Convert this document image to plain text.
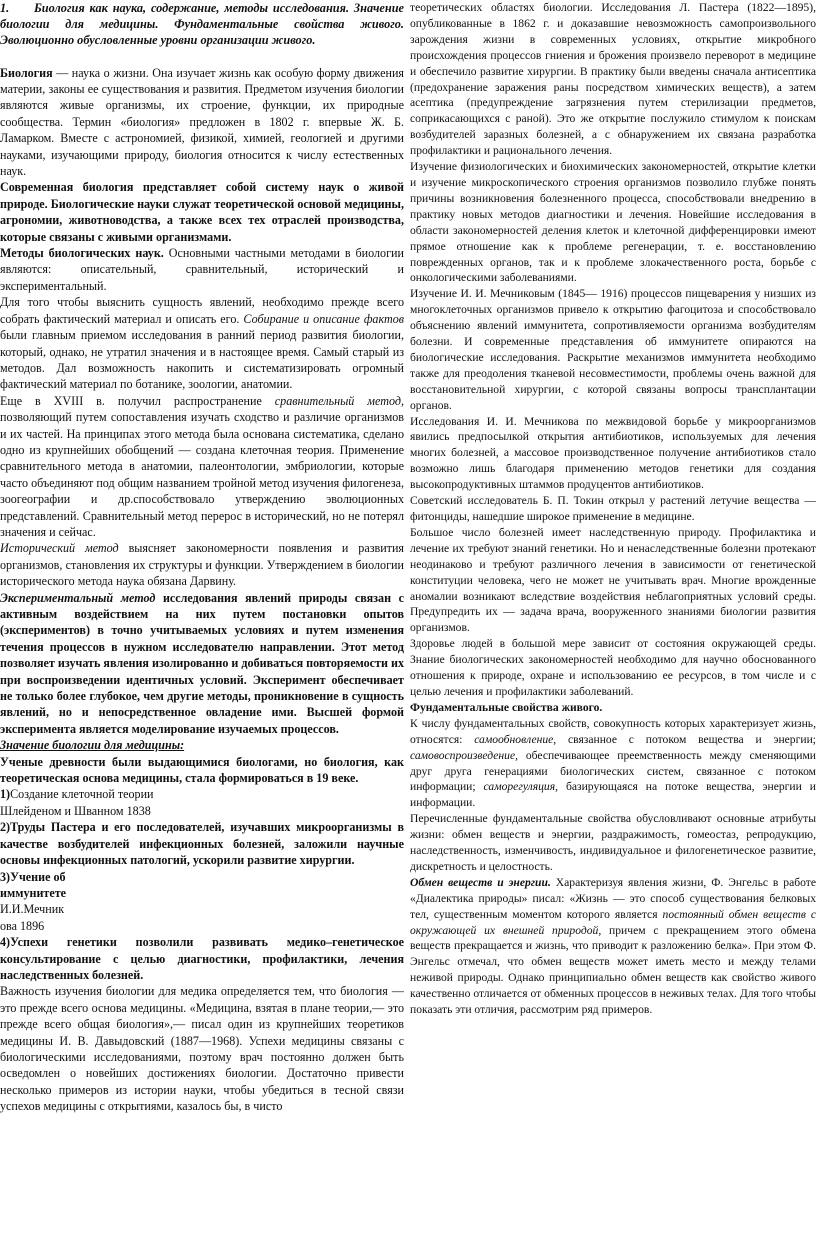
1. Биология как наука, содержание, методы исследования. Значение биологии для медицины. Фундаментальные свойства живого. Эволюционно обусловленные уровни организации живого.

Биология — наука о жизни. Она изучает жизнь как особую форму движения материи, законы ее существования и развития. Предметом изучения биологии являются живые организмы, их строение, функции, их природные сообщества. Термин «биология» предложен в 1802 г. впервые Ж. Б. Ламарком. Вместе с астрономией, физикой, химией, геологией и другими науками, изучающими природу, биология относится к числу естественных наук.

Современная биология представляет собой систему наук о живой природе. Биологические науки служат теоретической основой медицины, агрономии, животноводства, а также всех тех отраслей производства, которые связаны с живыми организмами.

Методы биологических наук. Основными частными методами в биологии являются: описательный, сравнительный, исторический и экспериментальный.

Для того чтобы выяснить сущность явлений, необходимо прежде всего собрать фактический материал и описать его. Собирание и описание фактов были главным приемом исследования в ранний период развития биологии, который, однако, не утратил значения и в настоящее время. Самый старый из методов. Дал возможность накопить и систематизировать огромный фактический материал по ботанике, зоологии, анатомии.

Еще в XVIII в. получил распространение сравнительный метод, позволяющий путем сопоставления изучать сходство и различие организмов и их частей. На принципах этого метода была основана систематика, сделано одно из крупнейших обобщений — создана клеточная теория. Применение сравнительного метода в анатомии, палеонтологии, эмбриологии, которые часто объединяют под общим названием тройной метод изучения филогенеза, зоогеографии и др.способствовало утверждению эволюционных представлений. Сравнительный метод перерос в исторический, но не потерял значения и сейчас.

Исторический метод выясняет закономерности появления и развития организмов, становления их структуры и функции. Утверждением в биологии исторического метода наука обязана Дарвину.

Экспериментальный метод исследования явлений природы связан с активным воздействием на них путем постановки опытов (экспериментов) в точно учитываемых условиях и путем изменения течения процессов в нужном исследователю направлении. Этот метод позволяет изучать явления изолированно и добиваться повторяемости их при воспроизведении идентичных условий. Эксперимент обеспечивает не только более глубокое, чем другие методы, проникновение в сущность явлений, но и непосредственное овладение ими. Высшей формой эксперимента является моделирование изучаемых процессов.

Значение биологии для медицины:

Ученые древности были выдающимися биологами, но биология, как теоретическая основа медицины, стала формироваться в 19 веке.

1)Создание клеточной теории

Шлейденом и Шванном 1838

2)Труды Пастера и его последователей, изучавших микроорганизмы в качестве возбудителей инфекционных болезней, заложили научные основы инфекционных патологий, ускорили развитие хирургии.

3)Учение об

иммунитете

И.И.Мечник

ова 1896

4)Успехи генетики позволили развивать медико–генетическое консультирование с целью диагностики, профилактики, лечения наследственных болезней.

Важность изучения биологии для медика определяется тем, что биология — это прежде всего основа медицины. «Медицина, взятая в плане теории,— это прежде всего общая биология»,— писал один из крупнейших теоретиков медицины И. В. Давыдовский (1887—1968). Успехи медицины связаны с биологическими исследованиями, поэтому врач постоянно должен быть осведомлен о новейших достижениях биологии. Достаточно привести несколько примеров из истории науки, чтобы убедиться в тесной связи успехов медицины с открытиями, казалось бы, в чисто

теоретических областях биологии. Исследования Л. Пастера (1822—1895), опубликованные в 1862 г. и доказавшие невозможность самопроизвольного зарождения жизни в современных условиях, открытие микробного происхождения процессов гниения и брожения произвело переворот в медицине и обеспечило развитие хирургии. В практику были введены сначала антисептика (предохранение заражения раны посредством химических веществ), а затем асептика (предупреждение загрязнения путем стерилизации предметов, соприкасающихся с раной). Это же открытие послужило стимулом к поискам возбудителей заразных болезней, а с обнаружением их связана разработка профилактики и рационального лечения.

Изучение физиологических и биохимических закономерностей, открытие клетки и изучение микроскопического строения организмов позволило глубже понять причины возникновения болезненного процесса, способствовали внедрению в практику новых методов диагностики и лечения. Новейшие исследования в области закономерностей деления клеток и клеточной дифференцировки имеют прямое отношение как к проблеме регенерации, т. е. восстановлению поврежденных органов, так и к проблеме злокачественного роста, борьбе с онкологическими заболеваниями.

Изучение И. И. Мечниковым (1845— 1916) процессов пищеварения у низших из многоклеточных организмов привело к открытию фагоцитоза и способствовало объяснению явлений иммунитета, сопротивляемости организма возбудителям болезни. И современные представления об иммунитете опираются на биологические исследования. Раскрытие механизмов иммунитета необходимо также для преодоления тканевой несовместимости, проблемы очень важной для восстановительной хирургии, с которой связаны вопросы трансплантации органов.

Исследования И. И. Мечникова по межвидовой борьбе у микроорганизмов явились предпосылкой открытия антибиотиков, используемых для лечения многих болезней, а массовое производственное получение антибиотиков стало возможно лишь благодаря применению методов генетики для создания высокопродуктивных штаммов продуцентов антибиотиков.

Советский исследователь Б. П. Токин открыл у растений летучие вещества — фитонциды, нашедшие широкое применение в медицине.

Большое число болезней имеет наследственную природу. Профилактика и лечение их требуют знаний генетики. Но и ненаследственные болезни протекают неодинаково и требуют различного лечения в зависимости от генетической конституции человека, чего не может не учитывать врач. Многие врожденные аномалии возникают вследствие воздействия неблагоприятных условий среды. Предупредить их — задача врача, вооруженного знаниями биологии развития организмов.

Здоровье людей в большой мере зависит от состояния окружающей среды. Знание биологических закономерностей необходимо для научно обоснованного отношения к природе, охране и использованию ее ресурсов, в том числе и с целью лечения и профилактики заболеваний.

Фундаментальные свойства живого.

К числу фундаментальных свойств, совокупность которых характеризует жизнь, относятся: самообновление, связанное с потоком вещества и энергии; самовоспроизведение, обеспечивающее преемственность между сменяющими друг друга генерациями биологических систем, связанное с потоком информации; саморегуляция, базирующаяся на потоке вещества, энергии и информации.

Перечисленные фундаментальные свойства обусловливают основные атрибуты жизни: обмен веществ и энергии, раздражимость, гомеостаз, репродукцию, наследственность, изменчивость, индивидуальное и филогенетическое развитие, дискретность и целостность.

Обмен веществ и энергии. Характеризуя явления жизни, Ф. Энгельс в работе «Диалектика природы» писал: «Жизнь — это способ существования белковых тел, существенным моментом которого является постоянный обмен веществ с окружающей их внешней природой, причем с прекращением этого обмена веществ прекращается и жизнь, что приводит к разложению белка». При этом Ф. Энгельс отмечал, что обмен веществ может иметь место и между телами неживой природы. Однако принципиально обмен веществ как свойство живого качественно отличается от обменных процессов в неживых телах. Для того чтобы показать эти отличия, рассмотрим ряд примеров.
